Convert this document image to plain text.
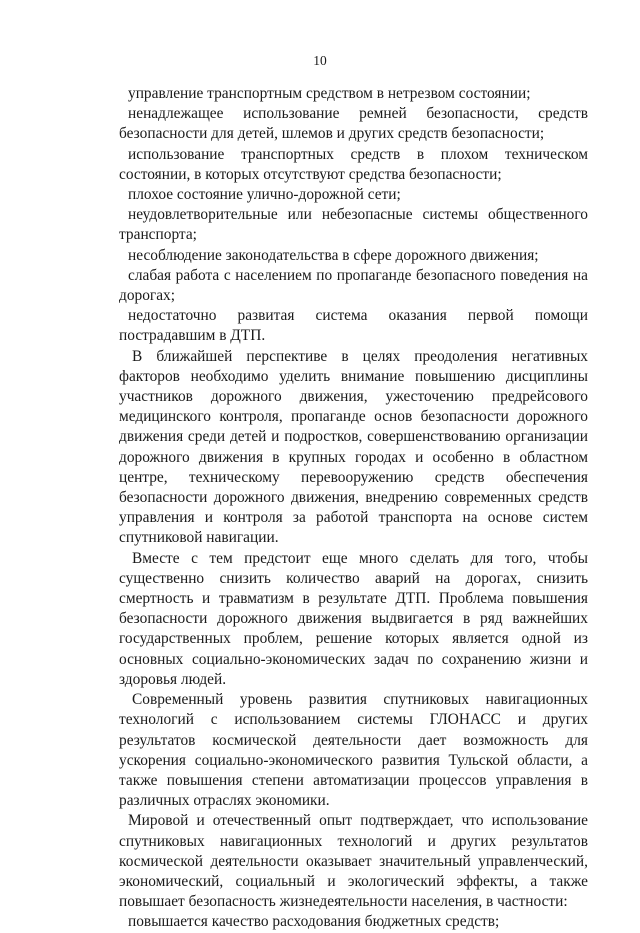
10

управление транспортным средством в нетрезвом состоянии;

ненадлежащее использование ремней безопасности, средств безопасности для детей, шлемов и других средств безопасности;

использование транспортных средств в плохом техническом состоянии, в которых отсутствуют средства безопасности;

плохое состояние улично-дорожной сети;

неудовлетворительные или небезопасные системы общественного транспорта;

несоблюдение законодательства в сфере дорожного движения;

слабая работа с населением по пропаганде безопасного поведения на дорогах;

недостаточно развитая система оказания первой помощи пострадавшим в ДТП.

В ближайшей перспективе в целях преодоления негативных факторов необходимо уделить внимание повышению дисциплины участников дорожного движения, ужесточению предрейсового медицинского контроля, пропаганде основ безопасности дорожного движения среди детей и подростков, совершенствованию организации дорожного движения в крупных городах и особенно в областном центре, техническому перевооружению средств обеспечения безопасности дорожного движения, внедрению современных средств управления и контроля за работой транспорта на основе систем спутниковой навигации.

Вместе с тем предстоит еще много сделать для того, чтобы существенно снизить количество аварий на дорогах, снизить смертность и травматизм в результате ДТП. Проблема повышения безопасности дорожного движения выдвигается в ряд важнейших государственных проблем, решение которых является одной из основных социально-экономических задач по сохранению жизни и здоровья людей.

Современный уровень развития спутниковых навигационных технологий с использованием системы ГЛОНАСС и других результатов космической деятельности дает возможность для ускорения социально-экономического развития Тульской области, а также повышения степени автоматизации процессов управления в различных отраслях экономики.

Мировой и отечественный опыт подтверждает, что использование спутниковых навигационных технологий и других результатов космической деятельности оказывает значительный управленческий, экономический, социальный и экологический эффекты, а также повышает безопасность жизнедеятельности населения, в частности:

повышается качество расходования бюджетных средств;
